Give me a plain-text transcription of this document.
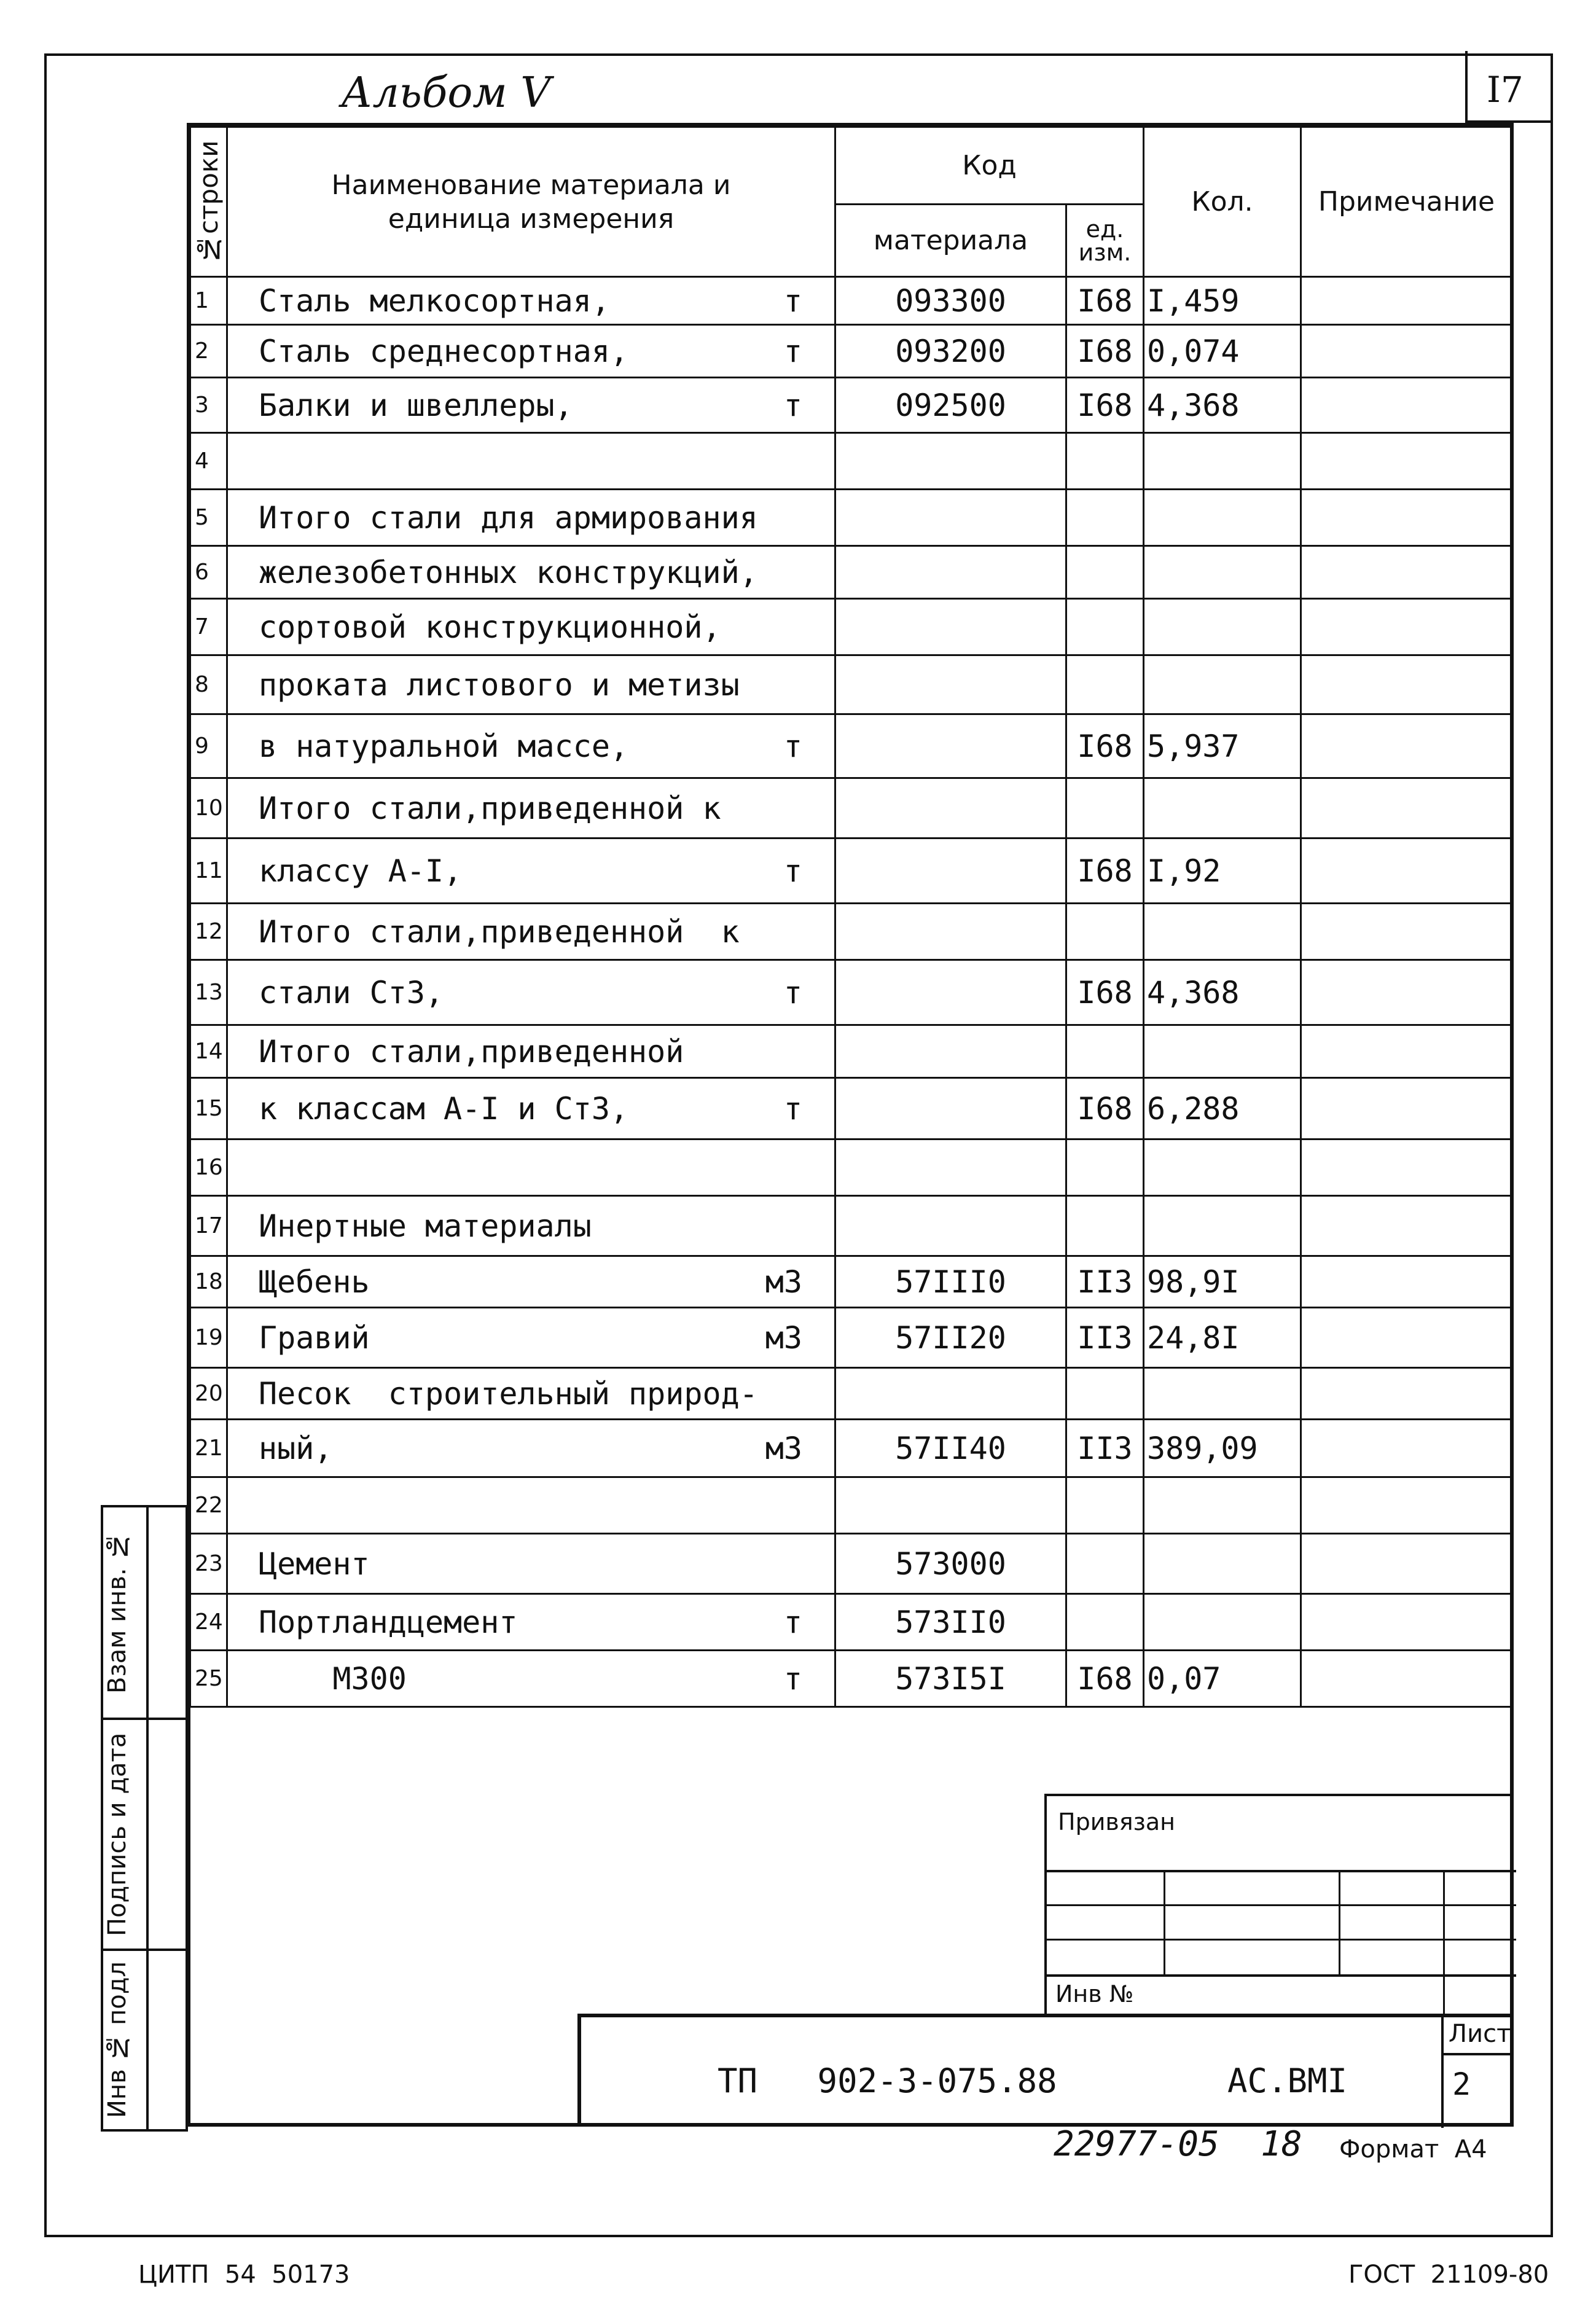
I7
Альбом V
№строки	Наименование материала и единица измерения	Код		Кол.	Примечание
		материала	ед. изм.		

1	Сталь мелкосортная, т	093300	I68	I,459	
2	Сталь среднесортная, т	093200	I68	0,074	
3	Балки и швеллеры, т	092500	I68	4,368	
4	

5	Итого стали для армирования

6	железобетонных конструкций,

7	сортовой конструкционной,

8	проката листового и метизы

9	в натуральной массе, т		I68	5,937	
10	Итого стали,приведенной к

11	классу А-I, т		I68	I,92	
12	Итого стали,приведенной  к

13	стали Ст3, т		I68	4,368	
14	Итого стали,приведенной

15	к классам А-I и Ст3, т		I68	6,288	
16	

17	Инертные материалы

18	Щебень м3	57III0	II3	98,9I	
19	Гравий м3	57II20	II3	24,8I	
20	Песок  строительный природ-

21	ный, м3	57II40	II3	389,09	
22	

23	Цемент	573000			
24	Портландцемент т	573II0			
25	М300 т	573I5I	I68	0,07	
Взам инв. №
Подпись и дата
Инв № подл
Привязан
Инв №
Лист
2
ТП   902-3-075.88	АС.ВМI
22977-05  18 Формат  А4
ЦИТП  54  50173	ГОСТ  21109-80
